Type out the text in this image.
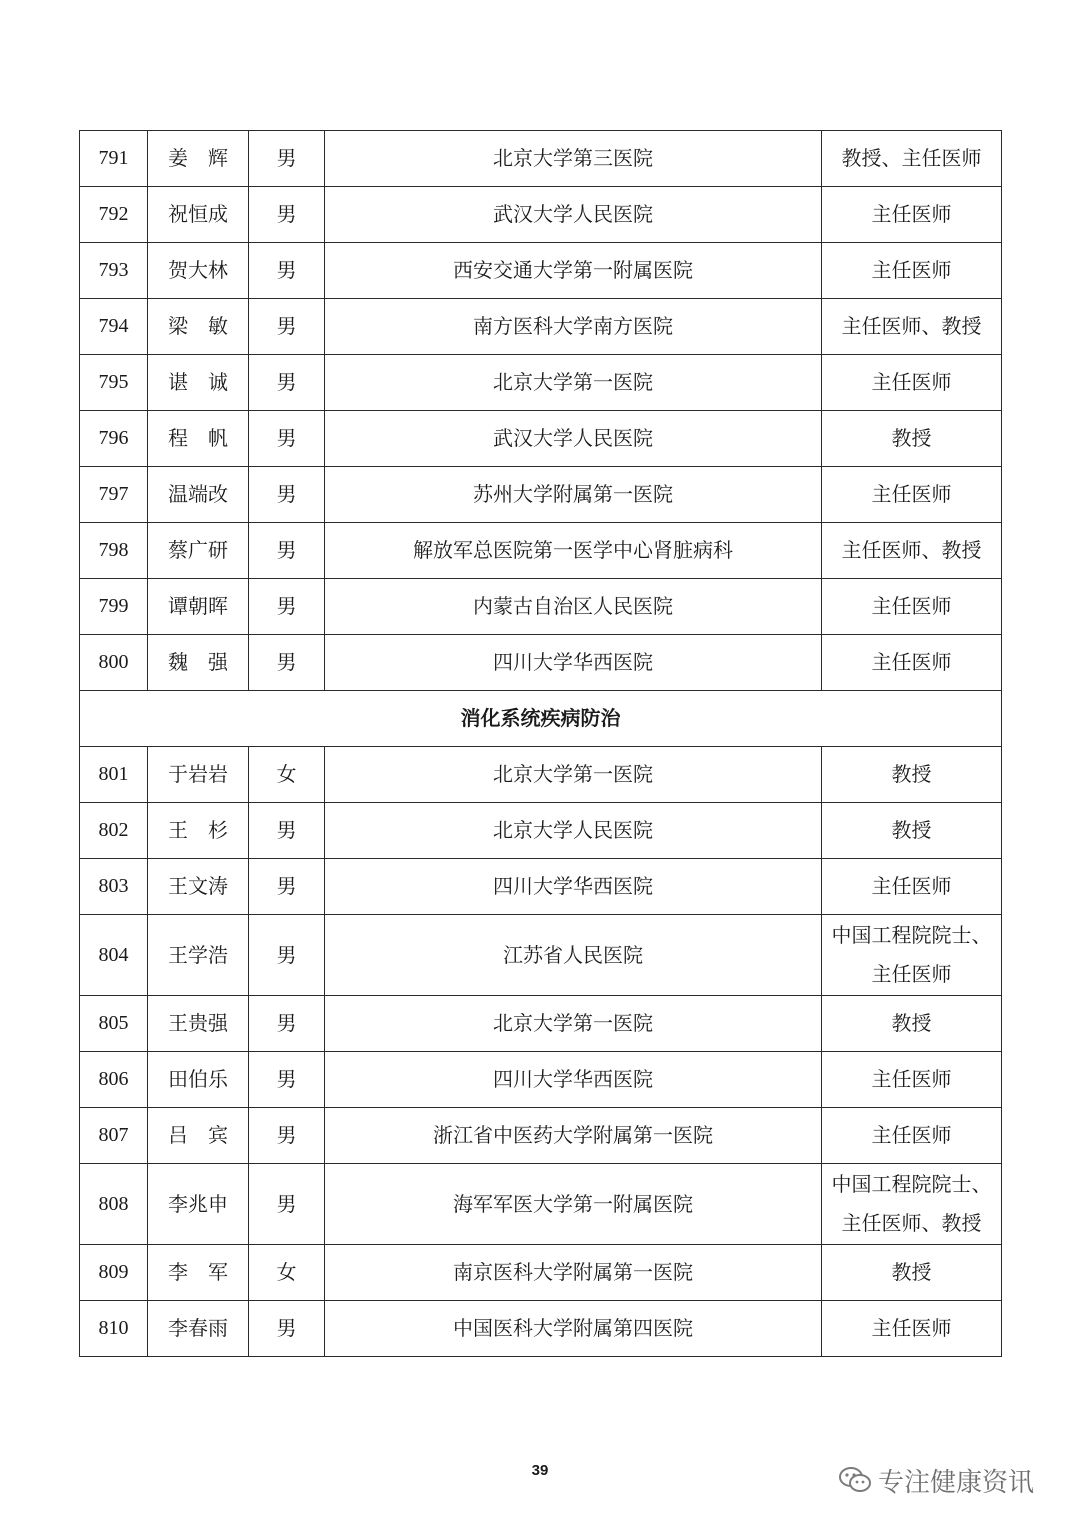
791	姜辉	男	北京大学第三医院	教授、主任医师

792	祝恒成	男	武汉大学人民医院	主任医师

793	贺大林	男	西安交通大学第一附属医院	主任医师

794	梁敏	男	南方医科大学南方医院	主任医师、教授

795	谌诚	男	北京大学第一医院	主任医师

796	程帆	男	武汉大学人民医院	教授

797	温端改	男	苏州大学附属第一医院	主任医师

798	蔡广研	男	解放军总医院第一医学中心肾脏病科	主任医师、教授

799	谭朝晖	男	内蒙古自治区人民医院	主任医师

800	魏强	男	四川大学华西医院	主任医师

消化系统疾病防治				
801	于岩岩	女	北京大学第一医院	教授

802	王杉	男	北京大学人民医院	教授

803	王文涛	男	四川大学华西医院	主任医师

804	王学浩	男	江苏省人民医院	中国工程院院士、
主任医师

805	王贵强	男	北京大学第一医院	教授

806	田伯乐	男	四川大学华西医院	主任医师

807	吕宾	男	浙江省中医药大学附属第一医院	主任医师

808	李兆申	男	海军军医大学第一附属医院	中国工程院院士、
主任医师、教授

809	李军	女	南京医科大学附属第一医院	教授

810	李春雨	男	中国医科大学附属第四医院	主任医师
39	专注健康资讯
